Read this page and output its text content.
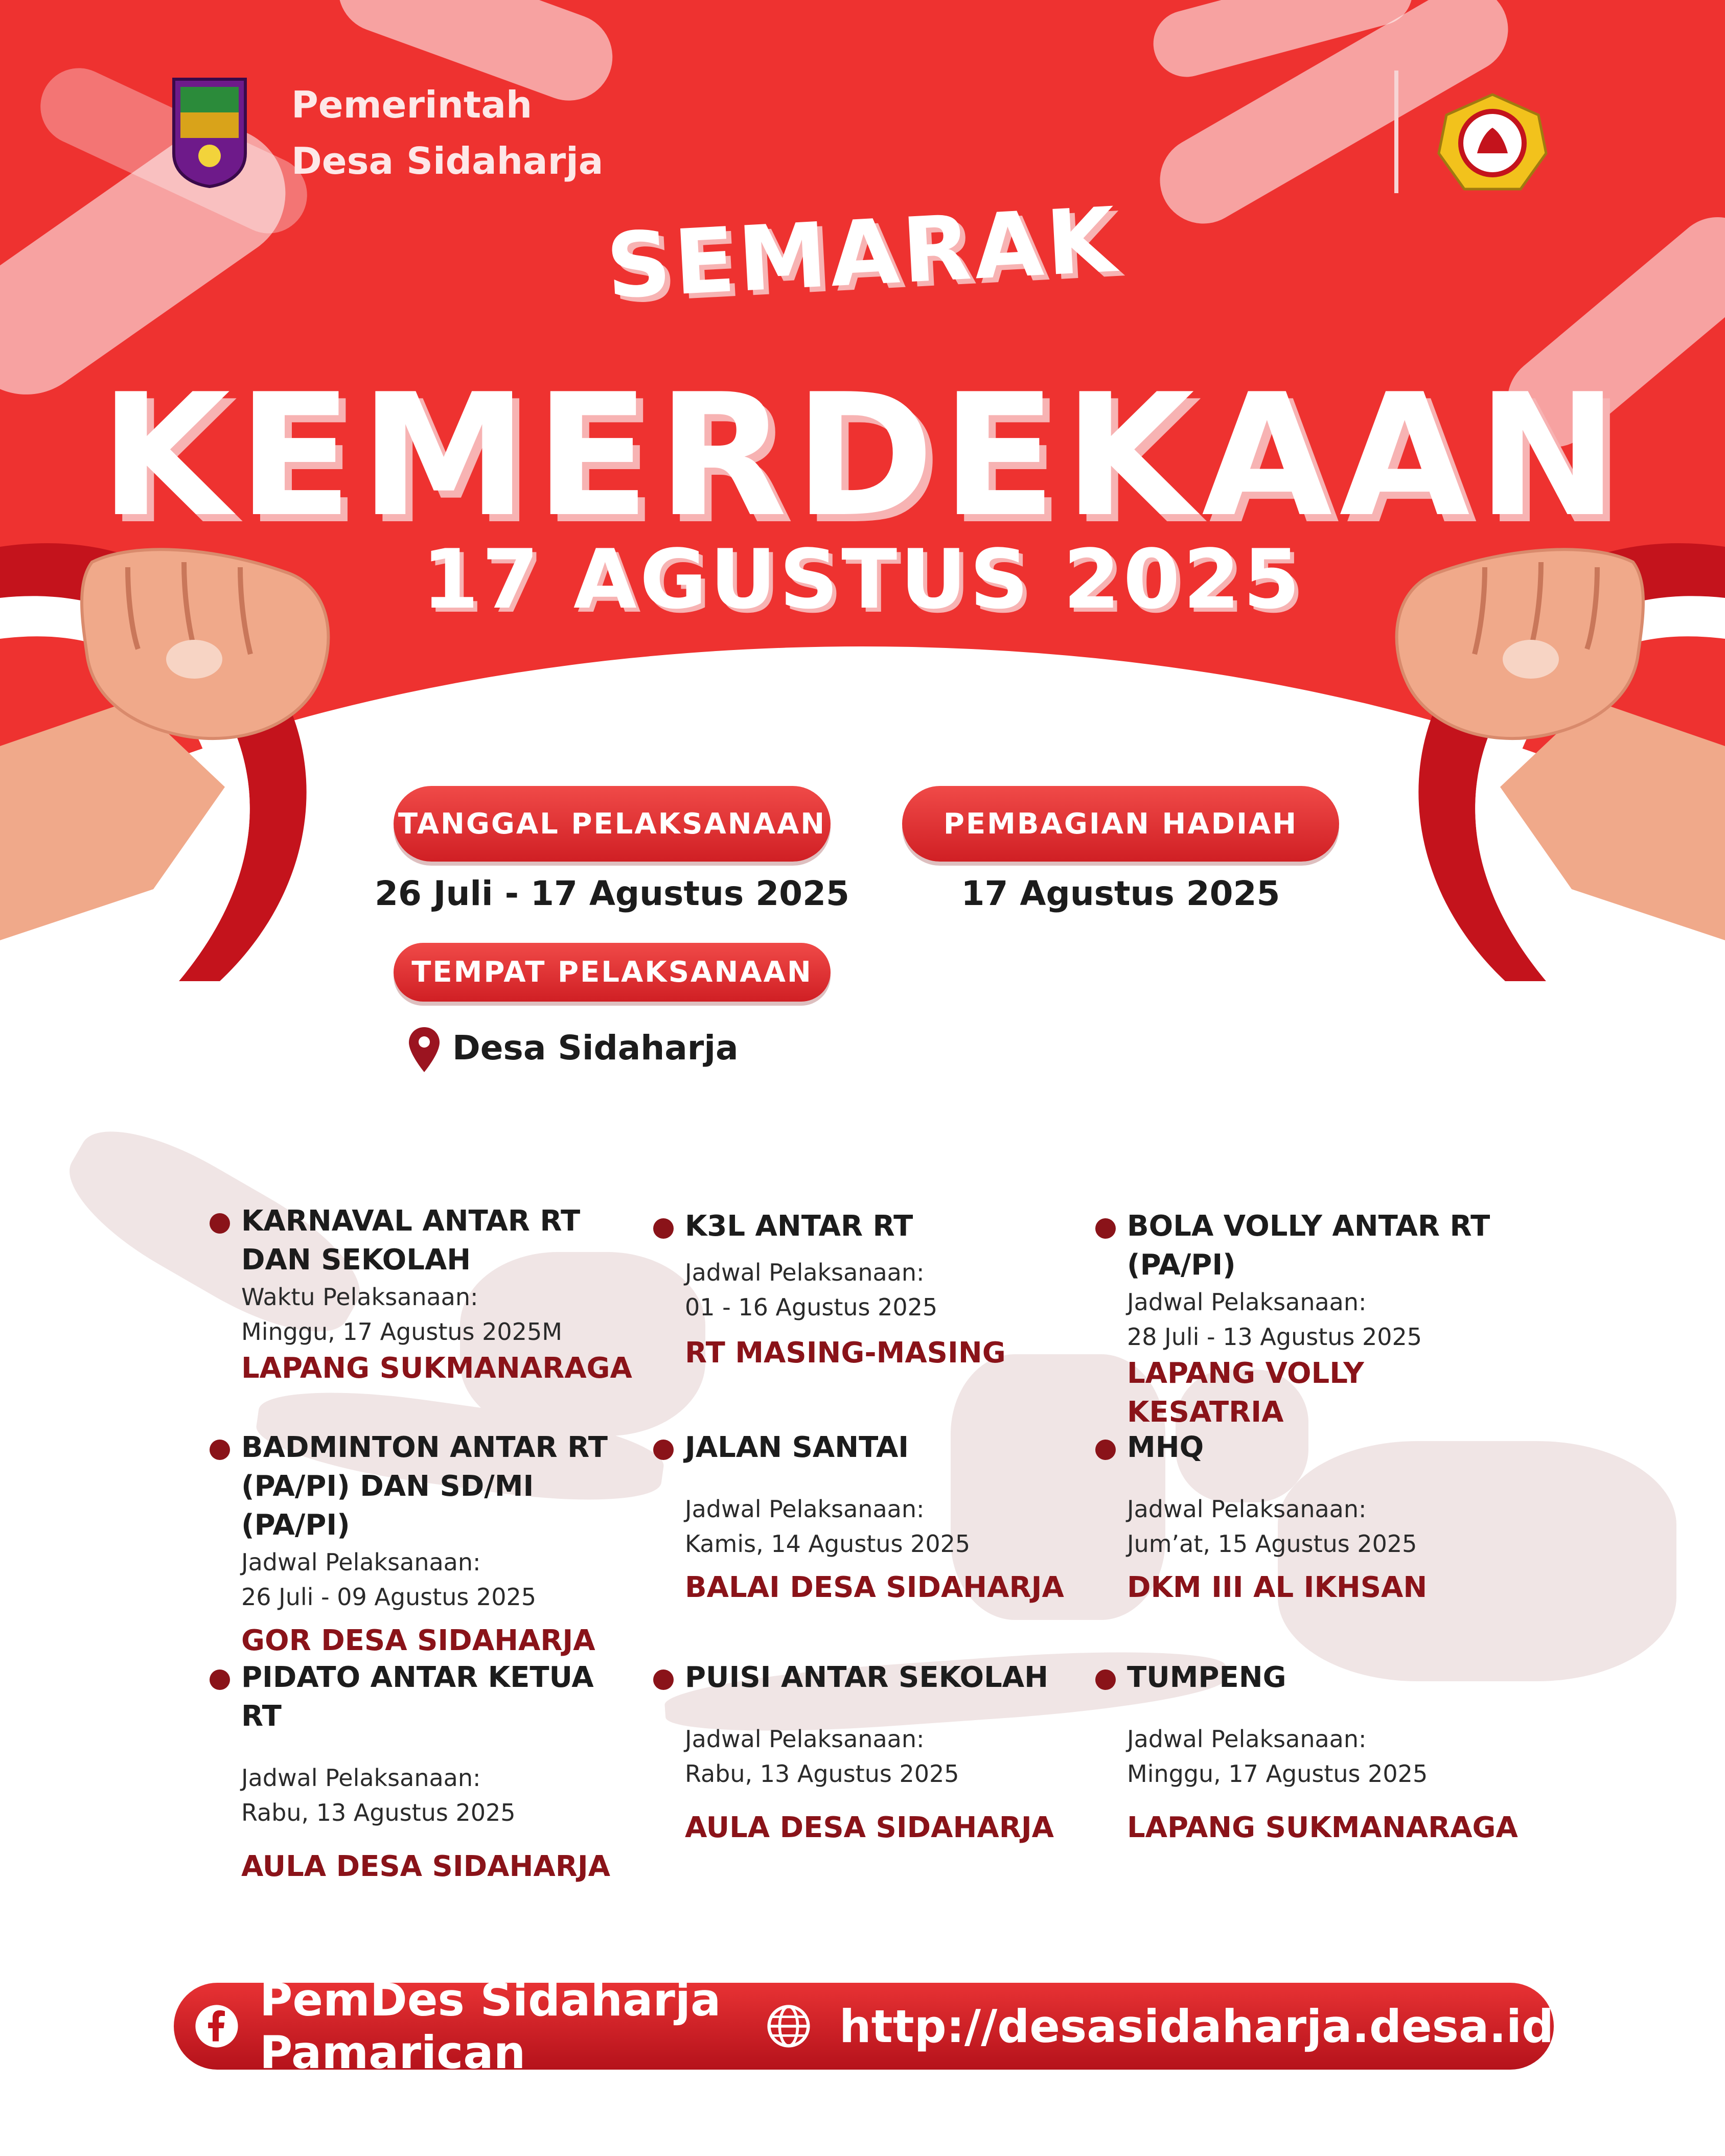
Pemerintah
Desa Sidaharja
SEMARAK
KEMERDEKAAN
17 AGUSTUS 2025
TANGGAL PELAKSANAAN
26 Juli - 17 Agustus 2025
PEMBAGIAN HADIAH
17 Agustus 2025
TEMPAT PELAKSANAAN
Desa Sidaharja
KARNAVAL ANTAR RT DAN SEKOLAH
Waktu Pelaksanaan:
Minggu, 17 Agustus 2025M
LAPANG SUKMANARAGA
K3L ANTAR RT
Jadwal Pelaksanaan:
01 - 16 Agustus 2025
RT MASING-MASING
BOLA VOLLY ANTAR RT (PA/PI)
Jadwal Pelaksanaan:
28 Juli - 13 Agustus 2025
LAPANG VOLLY KESATRIA
BADMINTON ANTAR RT (PA/PI) DAN SD/MI (PA/PI)
Jadwal Pelaksanaan:
26 Juli - 09 Agustus 2025
GOR DESA SIDAHARJA
JALAN SANTAI
Jadwal Pelaksanaan:
Kamis, 14 Agustus 2025
BALAI DESA SIDAHARJA
MHQ
Jadwal Pelaksanaan:
Jum’at, 15 Agustus 2025
DKM III AL IKHSAN
PIDATO ANTAR KETUA RT
Jadwal Pelaksanaan:
Rabu, 13 Agustus 2025
AULA DESA SIDAHARJA
PUISI ANTAR SEKOLAH
Jadwal Pelaksanaan:
Rabu, 13 Agustus 2025
AULA DESA SIDAHARJA
TUMPENG
Jadwal Pelaksanaan:
Minggu, 17 Agustus 2025
LAPANG SUKMANARAGA
PemDes Sidaharja Pamarican	http://desasidaharja.desa.id
